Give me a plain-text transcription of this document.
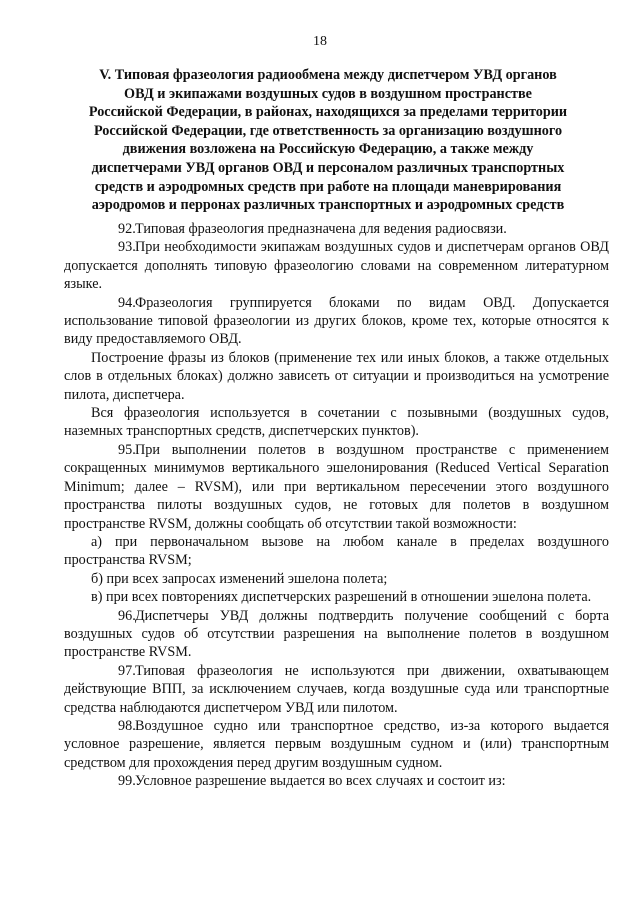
18
V. Типовая фразеология радиообмена между диспетчером УВД органов
ОВД и экипажами воздушных судов в воздушном пространстве
Российской Федерации, в районах, находящихся за пределами территории
Российской Федерации, где ответственность за организацию воздушного
движения возложена на Российскую Федерацию, а также между
диспетчерами УВД органов ОВД и персоналом различных транспортных
средств и аэродромных средств при работе на площади маневрирования
аэродромов и перронах различных транспортных и аэродромных средств

92.Типовая фразеология предназначена для ведения радиосвязи.

93.При необходимости экипажам воздушных судов и диспетчерам органов ОВД допускается дополнять типовую фразеологию словами на современном литературном языке.

94.Фразеология группируется блоками по видам ОВД. Допускается использование типовой фразеологии из других блоков, кроме тех, которые относятся к виду предоставляемого ОВД.

Построение фразы из блоков (применение тех или иных блоков, а также отдельных слов в отдельных блоках) должно зависеть от ситуации и производиться на усмотрение пилота, диспетчера.

Вся фразеология используется в сочетании с позывными (воздушных судов, наземных транспортных средств, диспетчерских пунктов).

95.При выполнении полетов в воздушном пространстве с применением сокращенных минимумов вертикального эшелонирования (Reduced Vertical Separation Minimum; далее – RVSM), или при вертикальном пересечении этого воздушного пространства пилоты воздушных судов, не готовых для полетов в воздушном пространстве RVSM, должны сообщать об отсутствии такой возможности:

а) при первоначальном вызове на любом канале в пределах воздушного пространства RVSM;

б) при всех запросах изменений эшелона полета;

в) при всех повторениях диспетчерских разрешений в отношении эшелона полета.

96.Диспетчеры УВД должны подтвердить получение сообщений с борта воздушных судов об отсутствии разрешения на выполнение полетов в воздушном пространстве RVSM.

97.Типовая фразеология не используются при движении, охватывающем действующие ВПП, за исключением случаев, когда воздушные суда или транспортные средства наблюдаются диспетчером УВД или пилотом.

98.Воздушное судно или транспортное средство, из-за которого выдается условное разрешение, является первым воздушным судном и (или) транспортным средством для прохождения перед другим воздушным судном.

99.Условное разрешение выдается во всех случаях и состоит из:
